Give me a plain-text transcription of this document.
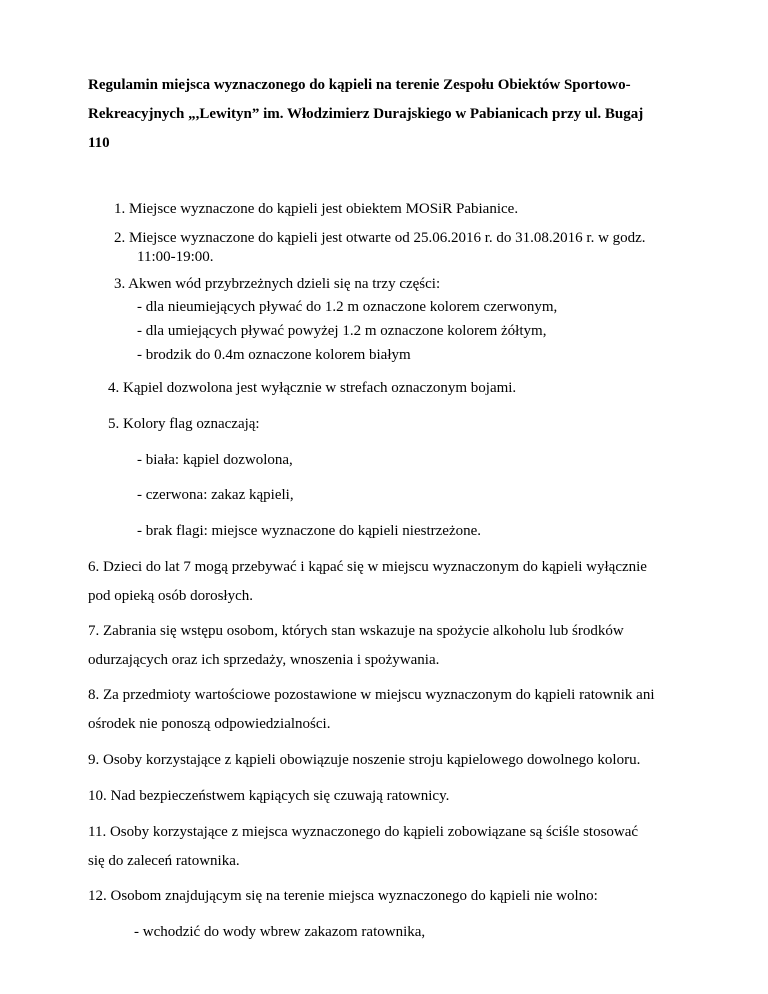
Regulamin miejsca wyznaczonego do kąpieli na terenie Zespołu Obiektów Sportowo-
Rekreacyjnych „,Lewityn” im. Włodzimierz Durajskiego w Pabianicach przy ul. Bugaj
110
1. Miejsce wyznaczone do kąpieli jest obiektem MOSiR Pabianice.
2. Miejsce wyznaczone do kąpieli jest otwarte od 25.06.2016 r. do 31.08.2016 r. w godz.
11:00-19:00.
3. Akwen wód przybrzeżnych dzieli się na trzy części:
- dla nieumiejących pływać do 1.2 m oznaczone kolorem czerwonym,
- dla umiejących pływać powyżej 1.2 m oznaczone kolorem żółtym,
- brodzik do 0.4m oznaczone kolorem białym
4. Kąpiel dozwolona jest wyłącznie w strefach oznaczonym bojami.
5. Kolory flag oznaczają:
- biała: kąpiel dozwolona,
- czerwona: zakaz kąpieli,
- brak flagi: miejsce wyznaczone do kąpieli niestrzeżone.
6. Dzieci do lat 7 mogą przebywać i kąpać się w miejscu wyznaczonym do kąpieli wyłącznie
pod opieką osób dorosłych.
7. Zabrania się wstępu osobom, których stan wskazuje na spożycie alkoholu lub środków
odurzających oraz ich sprzedaży, wnoszenia i spożywania.
8. Za przedmioty wartościowe pozostawione w miejscu wyznaczonym do kąpieli ratownik ani
ośrodek nie ponoszą odpowiedzialności.
9. Osoby korzystające z kąpieli obowiązuje noszenie stroju kąpielowego dowolnego koloru.
10. Nad bezpieczeństwem kąpiących się czuwają ratownicy.
11. Osoby korzystające z miejsca wyznaczonego do kąpieli zobowiązane są ściśle stosować
się do zaleceń ratownika.
12. Osobom znajdującym się na terenie miejsca wyznaczonego do kąpieli nie wolno:
- wchodzić do wody wbrew zakazom ratownika,
